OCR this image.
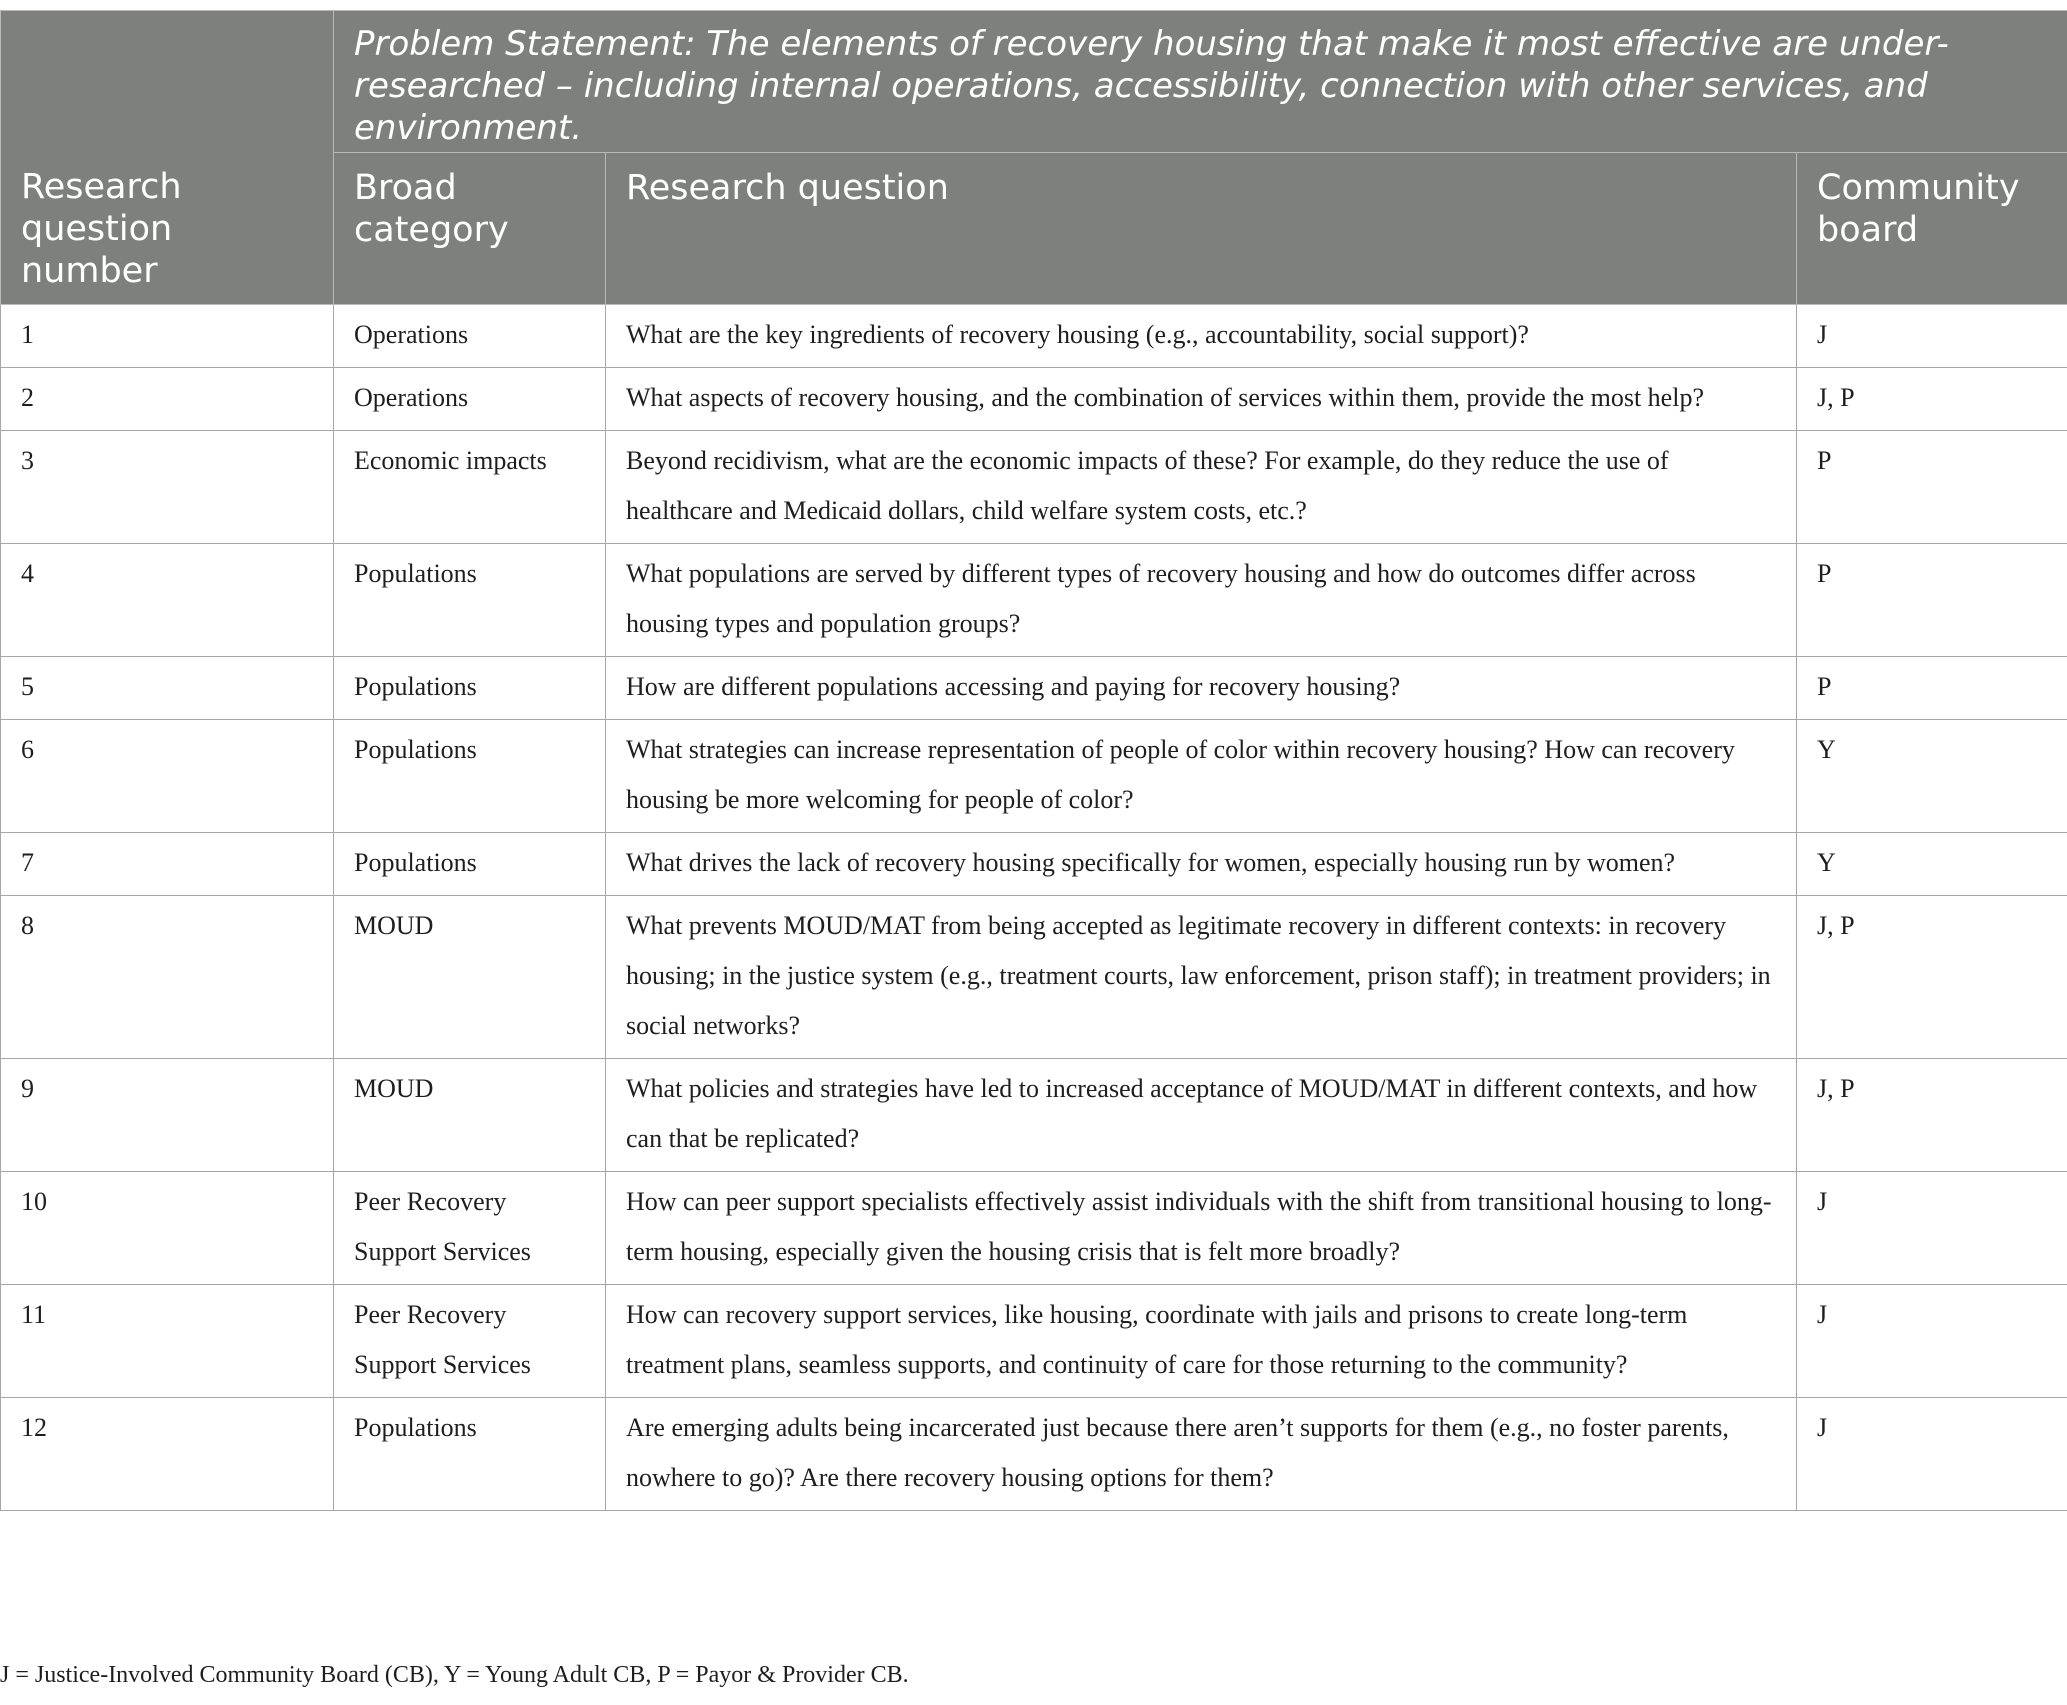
Research question number	Problem Statement: The elements of recovery housing that make it most effective are under-researched – including internal operations, accessibility, connection with other services, and environment.		
	Broad category	Research question	Community board
1	Operations	What are the key ingredients of recovery housing (e.g., accountability, social support)?	J
2	Operations	What aspects of recovery housing, and the combination of services within them, provide the most help?	J, P
3	Economic impacts	Beyond recidivism, what are the economic impacts of these? For example, do they reduce the use of healthcare and Medicaid dollars, child welfare system costs, etc.?	P
4	Populations	What populations are served by different types of recovery housing and how do outcomes differ across housing types and population groups?	P
5	Populations	How are different populations accessing and paying for recovery housing?	P
6	Populations	What strategies can increase representation of people of color within recovery housing? How can recovery housing be more welcoming for people of color?	Y
7	Populations	What drives the lack of recovery housing specifically for women, especially housing run by women?	Y
8	MOUD	What prevents MOUD/MAT from being accepted as legitimate recovery in different contexts: in recovery housing; in the justice system (e.g., treatment courts, law enforcement, prison staff); in treatment providers; in social networks?	J, P
9	MOUD	What policies and strategies have led to increased acceptance of MOUD/MAT in different contexts, and how can that be replicated?	J, P
10	Peer Recovery Support Services	How can peer support specialists effectively assist individuals with the shift from transitional housing to long-term housing, especially given the housing crisis that is felt more broadly?	J
11	Peer Recovery Support Services	How can recovery support services, like housing, coordinate with jails and prisons to create long-term treatment plans, seamless supports, and continuity of care for those returning to the community?	J
12	Populations	Are emerging adults being incarcerated just because there aren’t supports for them (e.g., no foster parents, nowhere to go)? Are there recovery housing options for them?	J
J = Justice-Involved Community Board (CB), Y = Young Adult CB, P = Payor & Provider CB.
